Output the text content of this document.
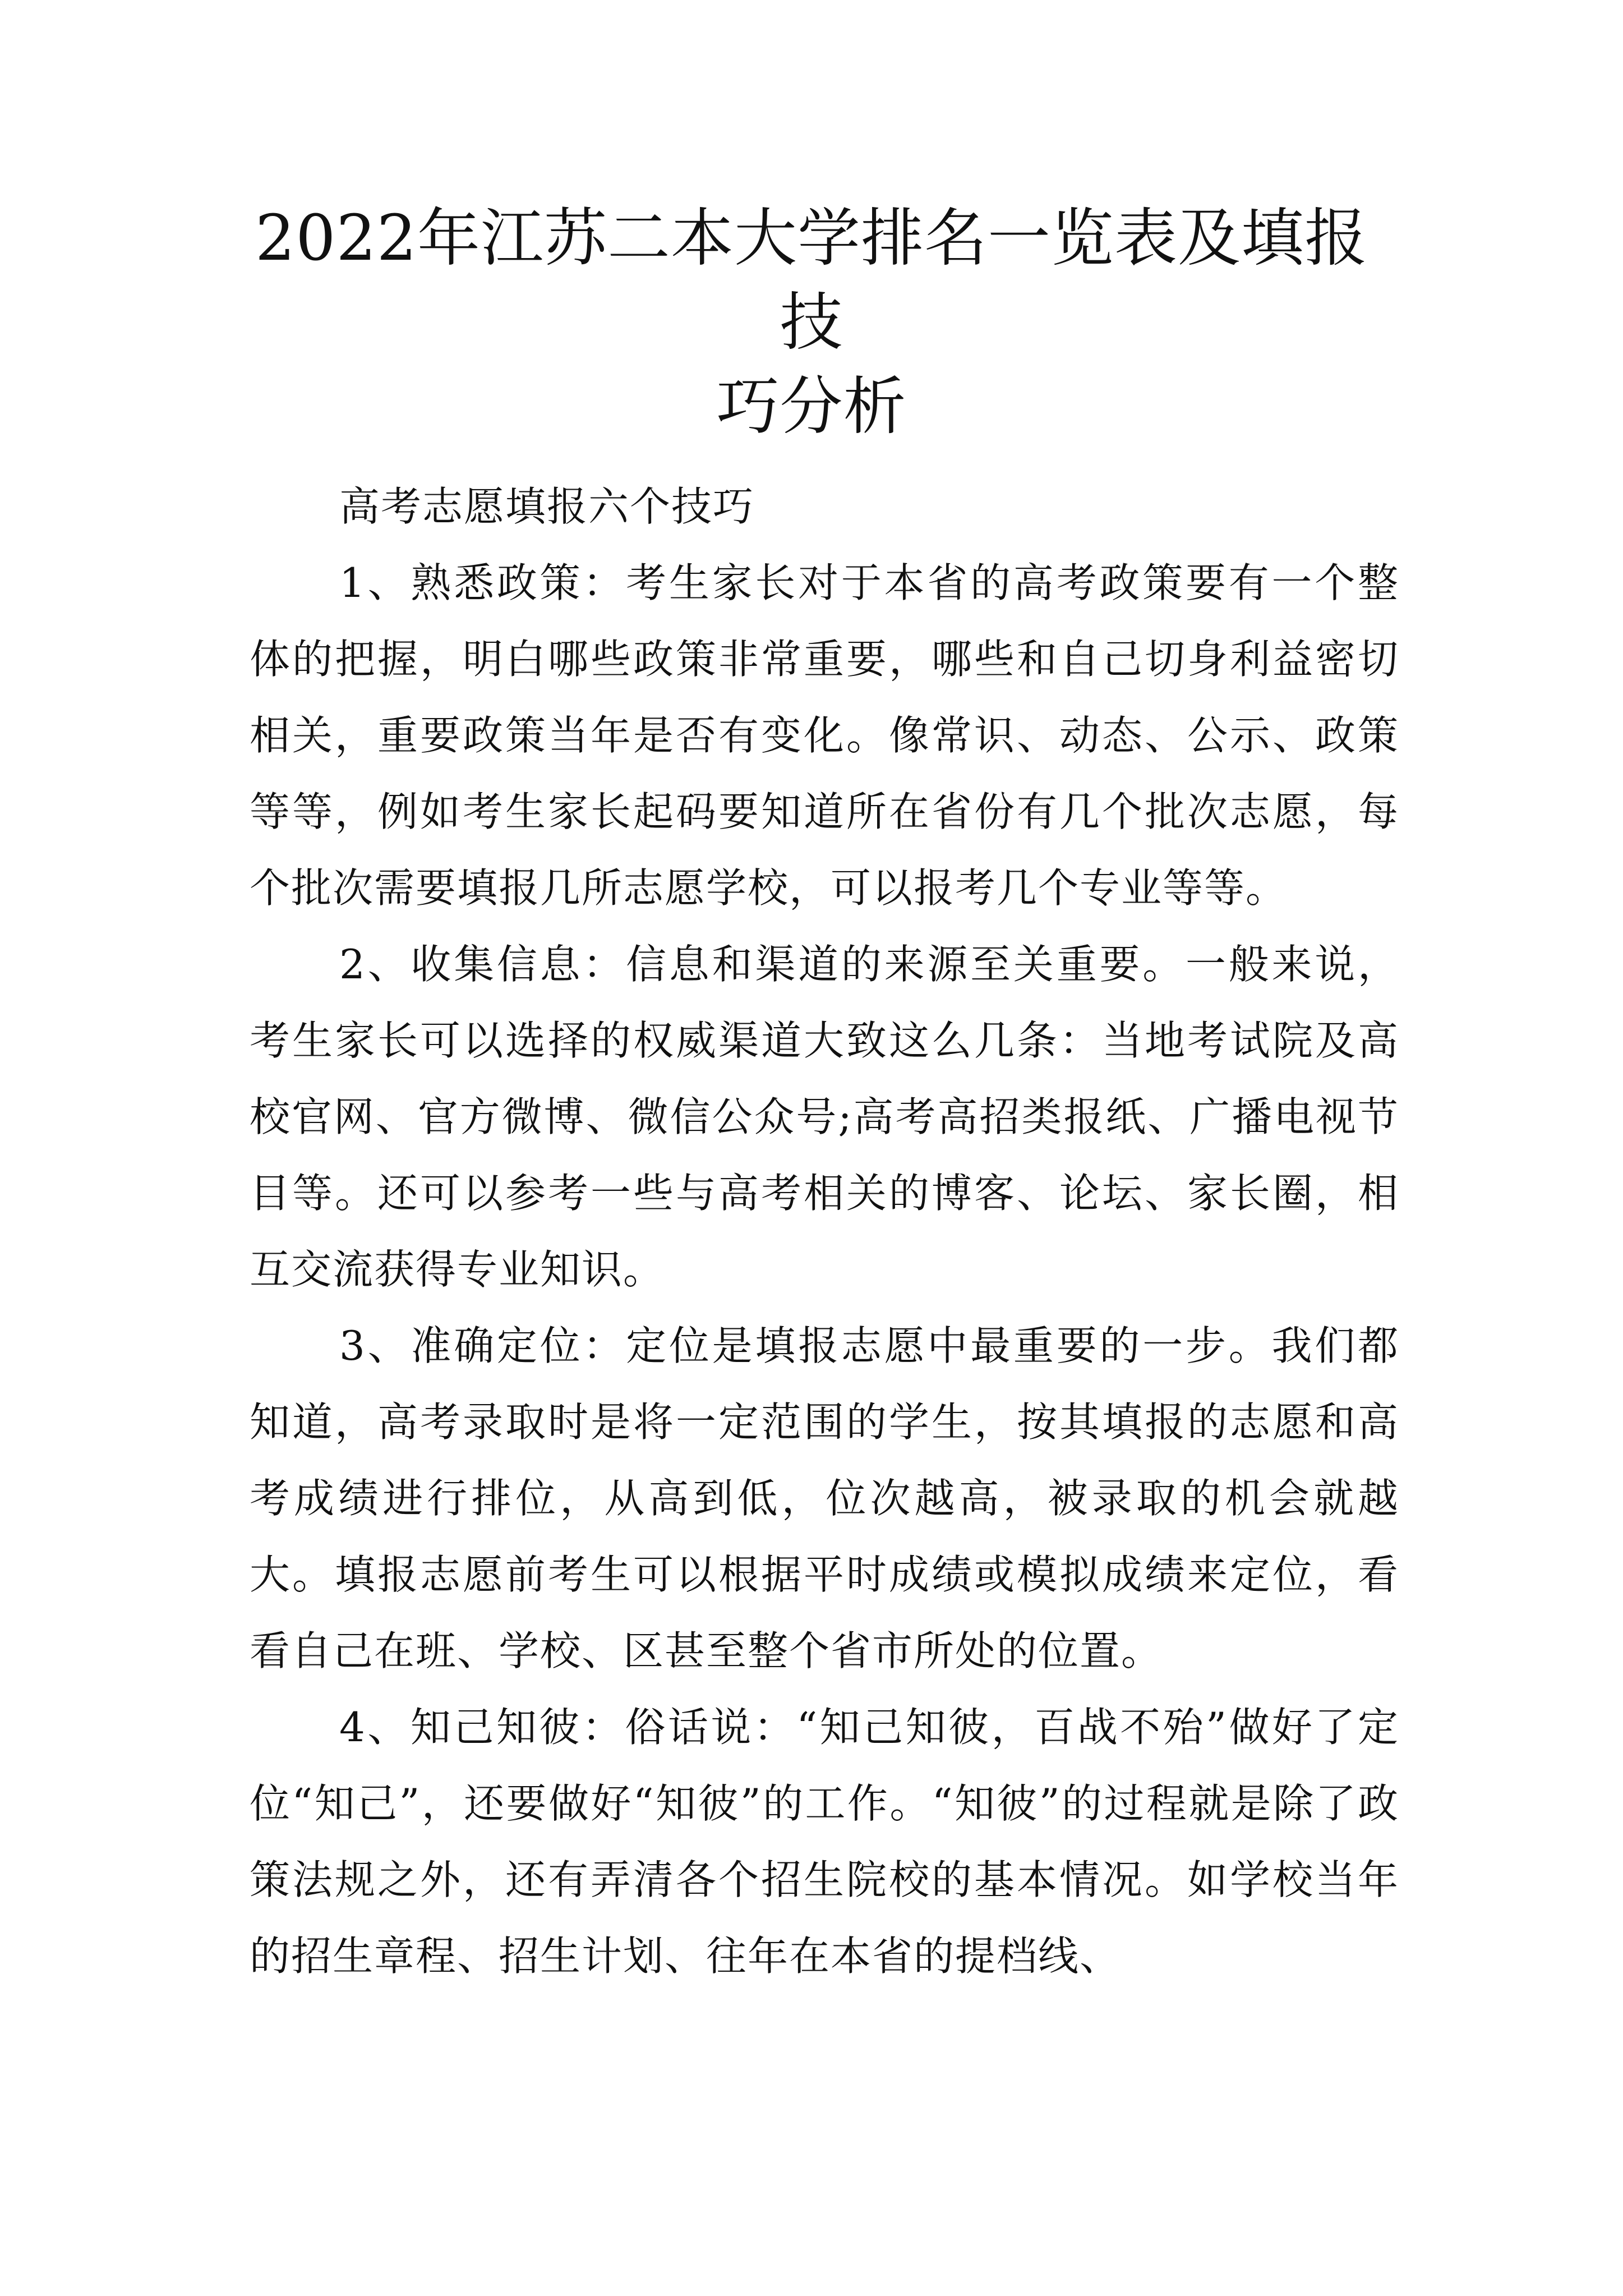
2022年江苏二本大学排名一览表及填报技
巧分析

高考志愿填报六个技巧

1、熟悉政策：考生家长对于本省的高考政策要有一个整体的把握，明白哪些政策非常重要，哪些和自己切身利益密切相关，重要政策当年是否有变化。像常识、动态、公示、政策等等，例如考生家长起码要知道所在省份有几个批次志愿，每个批次需要填报几所志愿学校，可以报考几个专业等等。

2、收集信息：信息和渠道的来源至关重要。一般来说，考生家长可以选择的权威渠道大致这么几条：当地考试院及高校官网、官方微博、微信公众号;高考高招类报纸、广播电视节目等。还可以参考一些与高考相关的博客、论坛、家长圈，相互交流获得专业知识。

3、准确定位：定位是填报志愿中最重要的一步。我们都知道，高考录取时是将一定范围的学生，按其填报的志愿和高考成绩进行排位，从高到低，位次越高，被录取的机会就越大。填报志愿前考生可以根据平时成绩或模拟成绩来定位，看看自己在班、学校、区甚至整个省市所处的位置。

4、知己知彼：俗话说：“知己知彼，百战不殆”做好了定位“知己”，还要做好“知彼”的工作。“知彼”的过程就是除了政策法规之外，还有弄清各个招生院校的基本情况。如学校当年的招生章程、招生计划、往年在本省的提档线、
